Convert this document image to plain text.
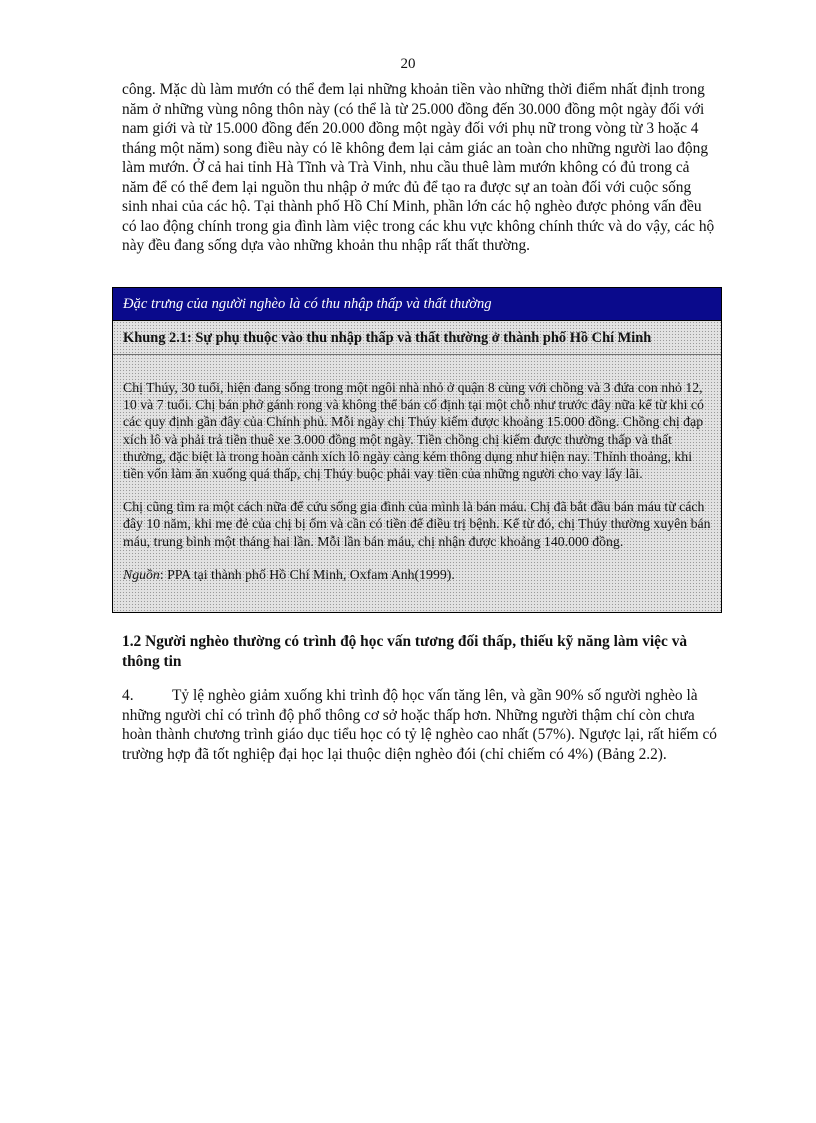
20

công. Mặc dù làm mướn có thể đem lại những khoản tiền vào những thời điểm nhất định trong năm ở những vùng nông thôn này (có thể là từ 25.000 đồng đến 30.000 đồng một ngày đối với nam giới và từ 15.000 đồng đến 20.000 đồng một ngày đối với phụ nữ trong vòng từ 3 hoặc 4 tháng một năm) song điều này có lẽ không đem lại cảm giác an toàn cho những người lao động làm mướn. Ở cả hai tỉnh Hà Tĩnh và Trà Vinh, nhu cầu thuê làm mướn không có đủ trong cả năm để có thể đem lại nguồn thu nhập ở mức đủ để tạo ra được sự an toàn đối với cuộc sống sinh nhai của các hộ. Tại thành phố Hồ Chí Minh, phần lớn các hộ nghèo được phỏng vấn đều có lao động chính trong gia đình làm việc trong các khu vực không chính thức và do vậy, các hộ này đều đang sống dựa vào những khoản thu nhập rất thất thường.

Đặc trưng của người nghèo là có thu nhập thấp và thất thường
Khung 2.1: Sự phụ thuộc vào thu nhập thấp và thất thường ở thành phố Hồ Chí Minh

Chị Thúy, 30 tuổi, hiện đang sống trong một ngôi nhà nhỏ ở quận 8 cùng với chồng và 3 đứa con nhỏ 12, 10 và 7 tuổi. Chị bán phở gánh rong và không thể bán cố định tại một chỗ như trước đây nữa kể từ khi có các quy định gần đây của Chính phủ. Mỗi ngày chị Thúy kiếm được khoảng 15.000 đồng. Chồng chị đạp xích lô và phải trả tiền thuê xe 3.000 đồng một ngày. Tiền chồng chị kiếm được thường thấp và thất thường, đặc biệt là trong hoàn cảnh xích lô ngày càng kém thông dụng như hiện nay. Thỉnh thoảng, khi tiền vốn làm ăn xuống quá thấp, chị Thúy buộc phải vay tiền của những người cho vay lấy lãi.

Chị cũng tìm ra một cách nữa để cứu sống gia đình của mình là bán máu. Chị đã bắt đầu bán máu từ cách đây 10 năm, khi mẹ đẻ của chị bị ốm và cần có tiền để điều trị bệnh. Kể từ đó, chị Thúy thường xuyên bán máu, trung bình một tháng hai lần. Mỗi lần bán máu, chị nhận được khoảng 140.000 đồng.

Nguồn: PPA tại thành phố Hồ Chí Minh, Oxfam Anh(1999).

1.2 Người nghèo thường có trình độ học vấn tương đối thấp, thiếu kỹ năng làm việc và thông tin

4. Tỷ lệ nghèo giảm xuống khi trình độ học vấn tăng lên, và gần 90% số người nghèo là những người chỉ có trình độ phổ thông cơ sở hoặc thấp hơn. Những người thậm chí còn chưa hoàn thành chương trình giáo dục tiểu học có tỷ lệ nghèo cao nhất (57%). Ngược lại, rất hiếm có trường hợp đã tốt nghiệp đại học lại thuộc diện nghèo đói (chỉ chiếm có 4%) (Bảng 2.2).
